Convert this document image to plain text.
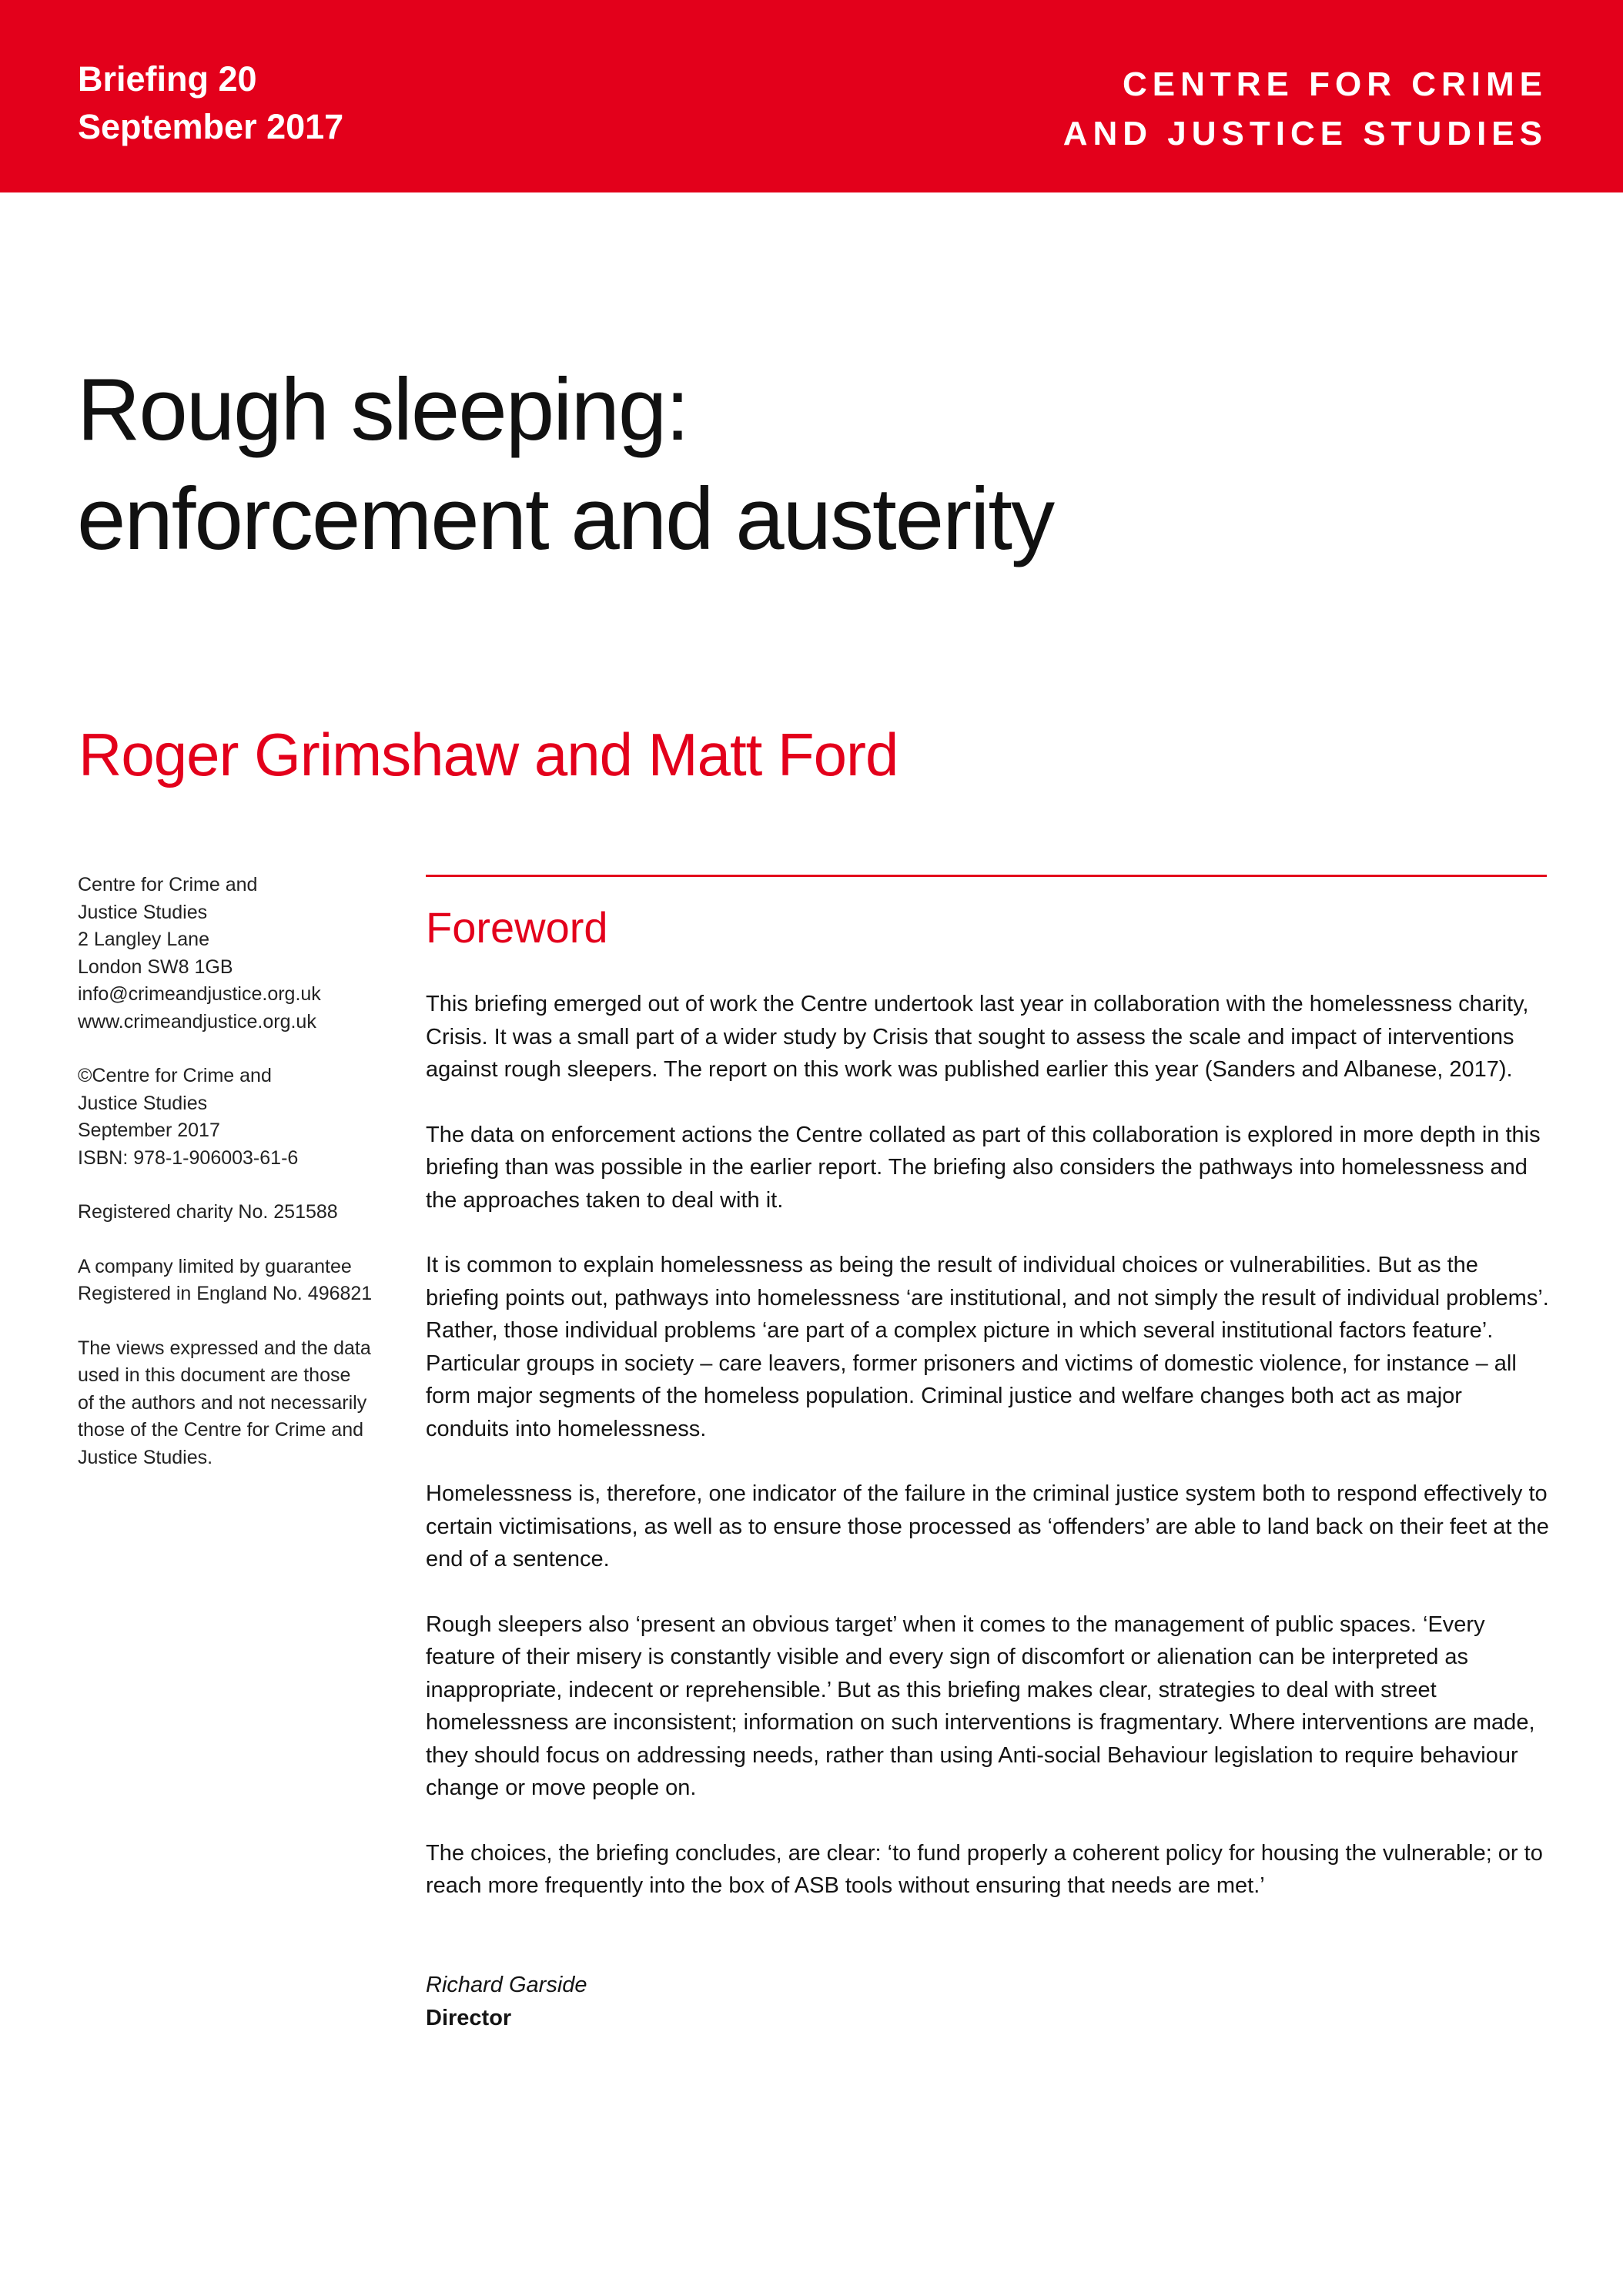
Briefing 20
September 2017
CENTRE FOR CRIME
AND JUSTICE STUDIES
Rough sleeping:
enforcement and austerity
Roger Grimshaw and Matt Ford
Centre for Crime and
Justice Studies
2 Langley Lane
London SW8 1GB
info@crimeandjustice.org.uk
www.crimeandjustice.org.uk
©Centre for Crime and
Justice Studies
September 2017
ISBN: 978-1-906003-61-6
Registered charity No. 251588
A company limited by guarantee
Registered in England No. 496821
The views expressed and the data
used in this document are those
of the authors and not necessarily
those of the Centre for Crime and
Justice Studies.
Foreword

This briefing emerged out of work the Centre undertook last year in collaboration with the homelessness charity, Crisis. It was a small part of a wider study by Crisis that sought to assess the scale and impact of interventions against rough sleepers. The report on this work was published earlier this year (Sanders and Albanese, 2017).

The data on enforcement actions the Centre collated as part of this collaboration is explored in more depth in this briefing than was possible in the earlier report. The briefing also considers the pathways into homelessness and the approaches taken to deal with it.

It is common to explain homelessness as being the result of individual choices or vulnerabilities. But as the briefing points out, pathways into homelessness ‘are institutional, and not simply the result of individual problems’. Rather, those individual problems ‘are part of a complex picture in which several institutional factors feature’. Particular groups in society – care leavers, former prisoners and victims of domestic violence, for instance – all form major segments of the homeless population. Criminal justice and welfare changes both act as major conduits into homelessness.

Homelessness is, therefore, one indicator of the failure in the criminal justice system both to respond effectively to certain victimisations, as well as to ensure those processed as ‘offenders’ are able to land back on their feet at the end of a sentence.

Rough sleepers also ‘present an obvious target’ when it comes to the management of public spaces. ‘Every feature of their misery is constantly visible and every sign of discomfort or alienation can be interpreted as inappropriate, indecent or reprehensible.’ But as this briefing makes clear, strategies to deal with street homelessness are inconsistent; information on such interventions is fragmentary. Where interventions are made, they should focus on addressing needs, rather than using Anti-social Behaviour legislation to require behaviour change or move people on.

The choices, the briefing concludes, are clear: ‘to fund properly a coherent policy for housing the vulnerable; or to reach more frequently into the box of ASB tools without ensuring that needs are met.’

Richard Garside
Director
